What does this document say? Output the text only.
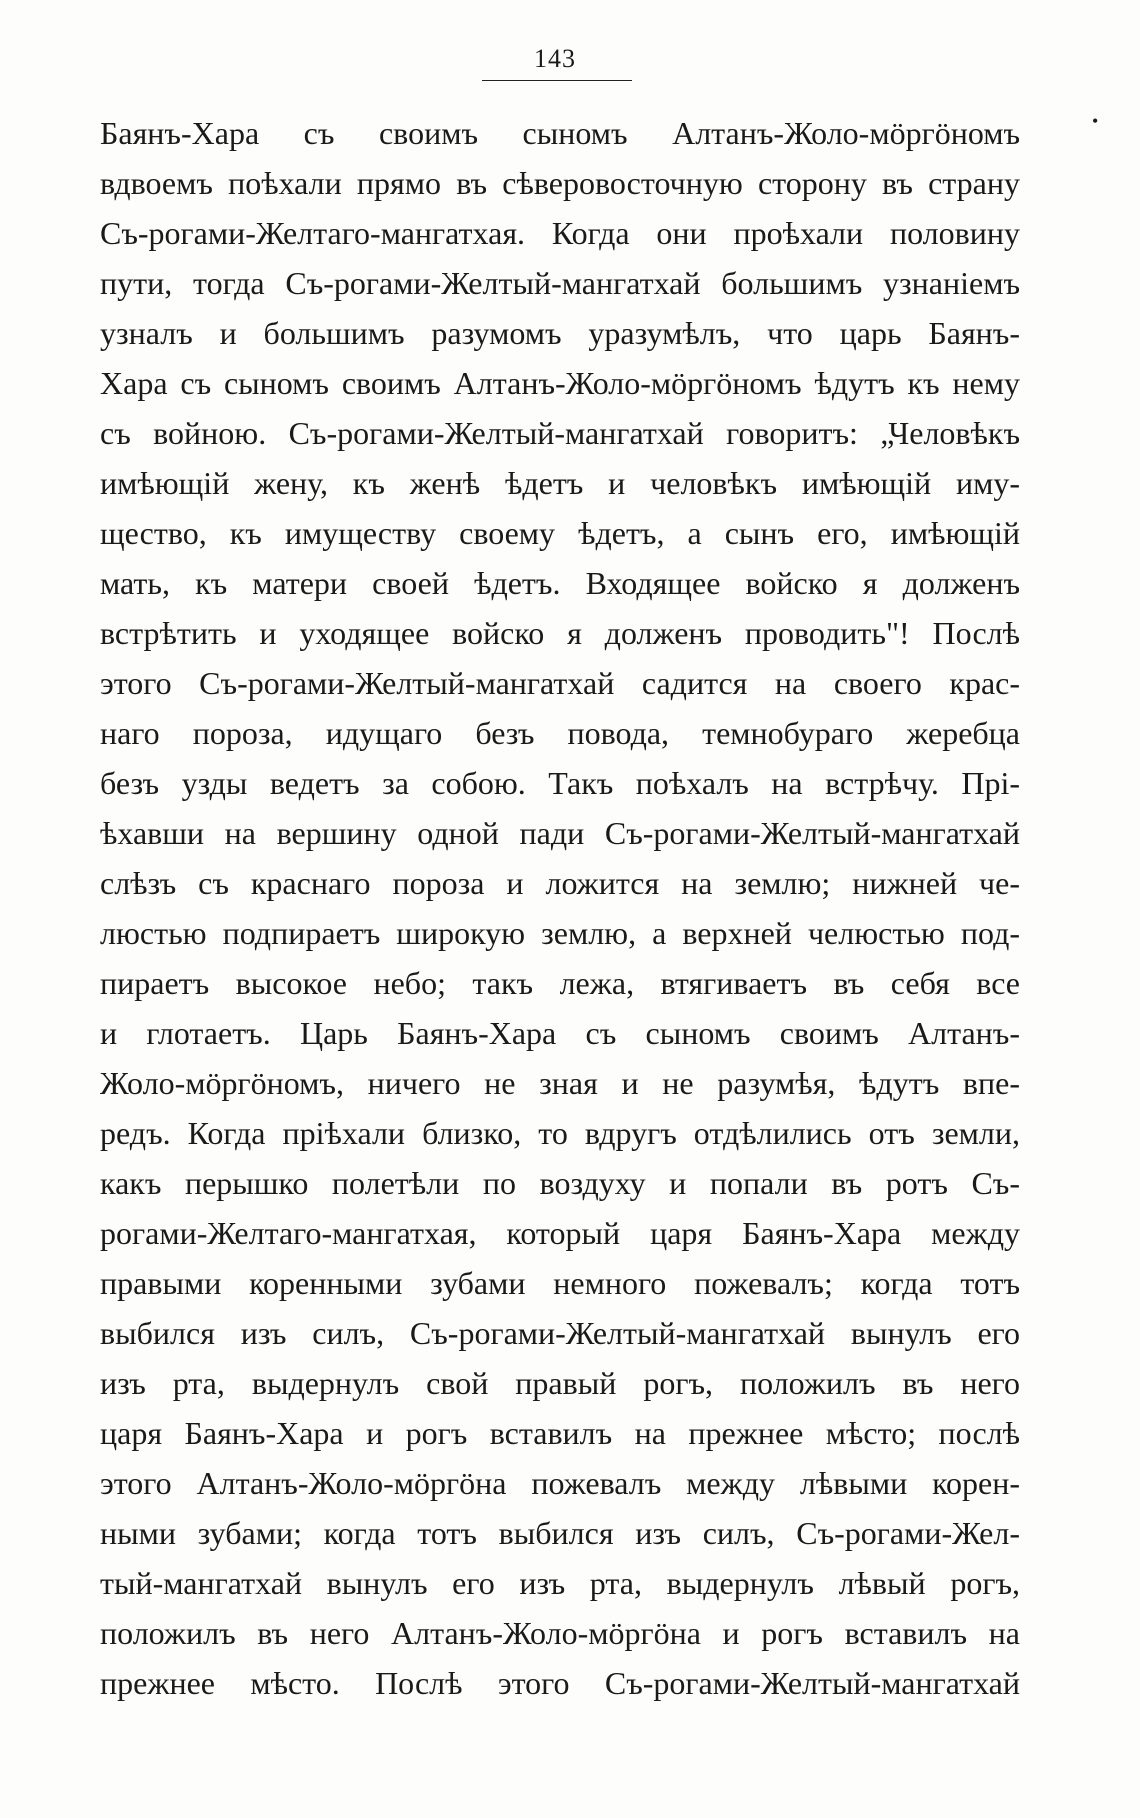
143
•
Баянъ-Хара съ своимъ сыномъ Алтанъ-Жоло-мöргöномъ
вдвоемъ поѣхали прямо въ сѣверовосточную сторону въ страну
Съ-рогами-Желтаго-мангатхая. Когда они проѣхали половину
пути, тогда Съ-рогами-Желтый-мангатхай большимъ узнаніемъ
узналъ и большимъ разумомъ уразумѣлъ, что царь Баянъ-
Хара съ сыномъ своимъ Алтанъ-Жоло-мöргöномъ ѣдутъ къ нему
съ войною. Съ-рогами-Желтый-мангатхай говоритъ: „Человѣкъ
имѣющій жену, къ женѣ ѣдетъ и человѣкъ имѣющій иму-
щество, къ имуществу своему ѣдетъ, а сынъ его, имѣющій
мать, къ матери своей ѣдетъ. Входящее войско я долженъ
встрѣтить и уходящее войско я долженъ проводить"! Послѣ
этого Съ-рогами-Желтый-мангатхай садится на своего крас-
наго пороза, идущаго безъ повода, темнобураго жеребца
безъ узды ведетъ за собою. Такъ поѣхалъ на встрѣчу. Прі-
ѣхавши на вершину одной пади Съ-рогами-Желтый-мангатхай
слѣзъ съ краснаго пороза и ложится на землю; нижней че-
люстью подпираетъ широкую землю, а верхней челюстью под-
пираетъ высокое небо; такъ лежа, втягиваетъ въ себя все
и глотаетъ. Царь Баянъ-Хара съ сыномъ своимъ Алтанъ-
Жоло-мöргöномъ, ничего не зная и не разумѣя, ѣдутъ впе-
редъ. Когда пріѣхали близко, то вдругъ отдѣлились отъ земли,
какъ перышко полетѣли по воздуху и попали въ ротъ Съ-
рогами-Желтаго-мангатхая, который царя Баянъ-Хара между
правыми коренными зубами немного пожевалъ; когда тотъ
выбился изъ силъ, Съ-рогами-Желтый-мангатхай вынулъ его
изъ рта, выдернулъ свой правый рогъ, положилъ въ него
царя Баянъ-Хара и рогъ вставилъ на прежнее мѣсто; послѣ
этого Алтанъ-Жоло-мöргöна пожевалъ между лѣвыми корен-
ными зубами; когда тотъ выбился изъ силъ, Съ-рогами-Жел-
тый-мангатхай вынулъ его изъ рта, выдернулъ лѣвый рогъ,
положилъ въ него Алтанъ-Жоло-мöргöна и рогъ вставилъ на
прежнее мѣсто. Послѣ этого Съ-рогами-Желтый-мангатхай
